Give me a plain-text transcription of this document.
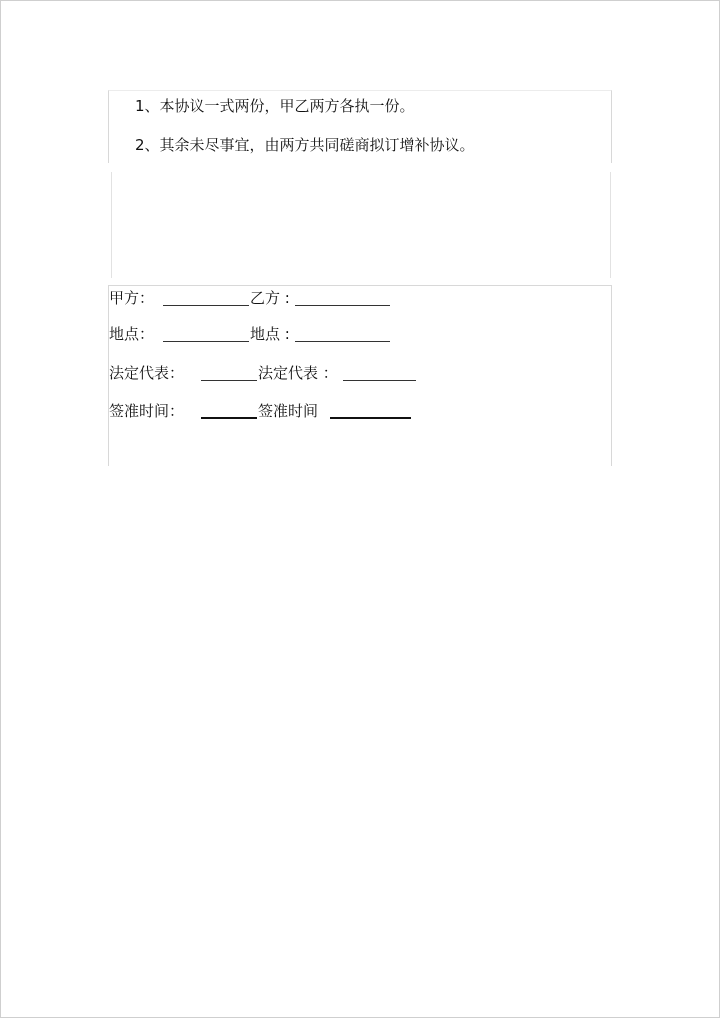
1、本协议一式两份，甲乙两方各执一份。
2、其余未尽事宜，由两方共同磋商拟订增补协议。
甲方：	乙方 :
地点：	地点 :
法定代表：	法定代表 ：
签准时间：	签准时间
